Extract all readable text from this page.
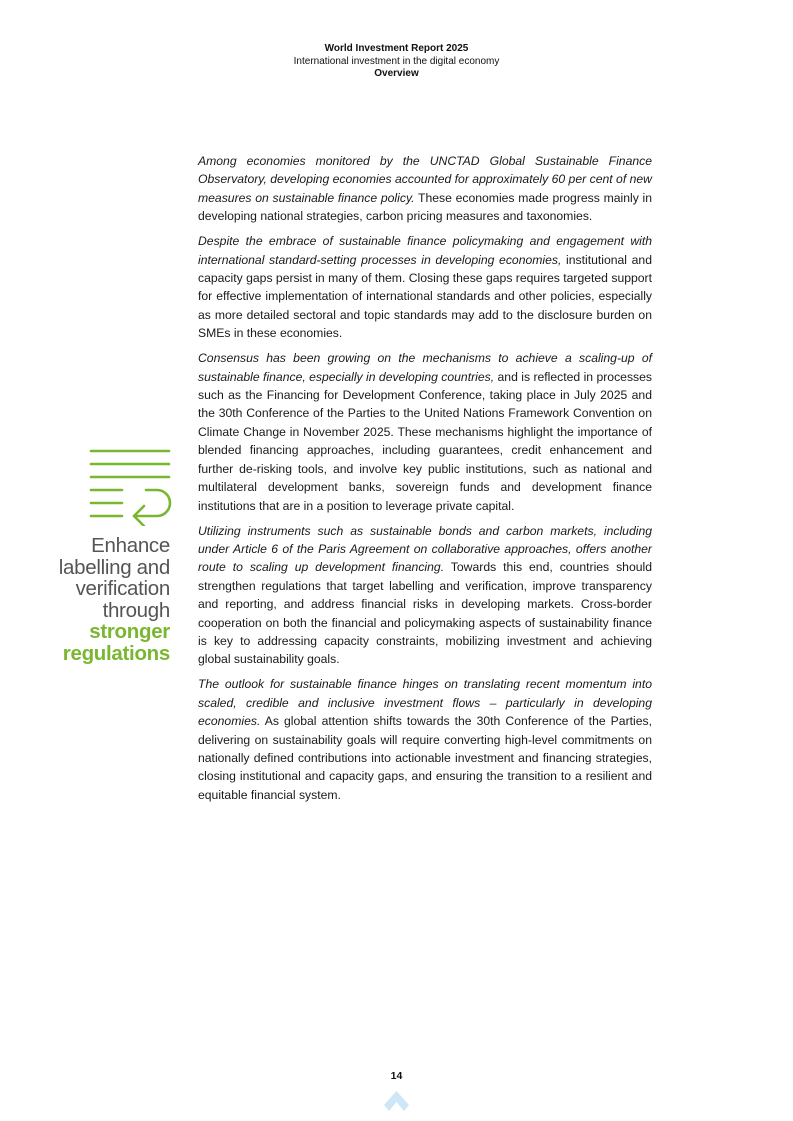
World Investment Report 2025
International investment in the digital economy
Overview

Among economies monitored by the UNCTAD Global Sustainable Finance Observatory, developing economies accounted for approximately 60 per cent of new measures on sustainable finance policy. These economies made progress mainly in developing national strategies, carbon pricing measures and taxonomies.

Despite the embrace of sustainable finance policymaking and engagement with international standard-setting processes in developing economies, institutional and capacity gaps persist in many of them. Closing these gaps requires targeted support for effective implementation of international standards and other policies, especially as more detailed sectoral and topic standards may add to the disclosure burden on SMEs in these economies.

Consensus has been growing on the mechanisms to achieve a scaling-up of sustainable finance, especially in developing countries, and is reflected in processes such as the Financing for Development Conference, taking place in July 2025 and the 30th Conference of the Parties to the United Nations Framework Convention on Climate Change in November 2025. These mechanisms highlight the importance of blended financing approaches, including guarantees, credit enhancement and further de-risking tools, and involve key public institutions, such as national and multilateral development banks, sovereign funds and development finance institutions that are in a position to leverage private capital.

Utilizing instruments such as sustainable bonds and carbon markets, including under Article 6 of the Paris Agreement on collaborative approaches, offers another route to scaling up development financing. Towards this end, countries should strengthen regulations that target labelling and verification, improve transparency and reporting, and address financial risks in developing markets. Cross-border cooperation on both the financial and policymaking aspects of sustainability finance is key to addressing capacity constraints, mobilizing investment and achieving global sustainability goals.

The outlook for sustainable finance hinges on translating recent momentum into scaled, credible and inclusive investment flows – particularly in developing economies. As global attention shifts towards the 30th Conference of the Parties, delivering on sustainability goals will require converting high-level commitments on nationally defined contributions into actionable investment and financing strategies, closing institutional and capacity gaps, and ensuring the transition to a resilient and equitable financial system.

Enhance
labelling and
verification
through
stronger
regulations
14
